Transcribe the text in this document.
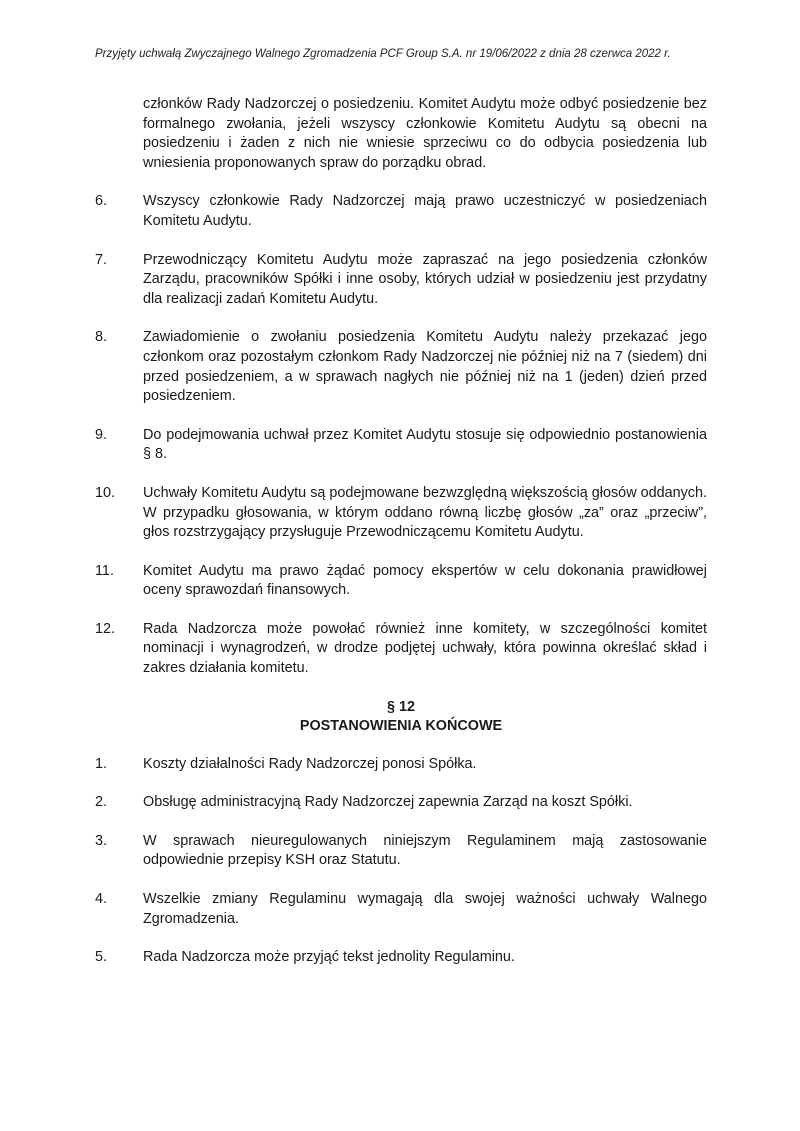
Przyjęty uchwałą Zwyczajnego Walnego Zgromadzenia PCF Group S.A. nr 19/06/2022 z dnia 28 czerwca 2022 r.
członków Rady Nadzorczej o posiedzeniu. Komitet Audytu może odbyć posiedzenie bez formalnego zwołania, jeżeli wszyscy członkowie Komitetu Audytu są obecni na posiedzeniu i żaden z nich nie wniesie sprzeciwu co do odbycia posiedzenia lub wniesienia proponowanych spraw do porządku obrad.
6.	Wszyscy członkowie Rady Nadzorczej mają prawo uczestniczyć w posiedzeniach Komitetu Audytu.
7.	Przewodniczący Komitetu Audytu może zapraszać na jego posiedzenia członków Zarządu, pracowników Spółki i inne osoby, których udział w posiedzeniu jest przydatny dla realizacji zadań Komitetu Audytu.
8.	Zawiadomienie o zwołaniu posiedzenia Komitetu Audytu należy przekazać jego członkom oraz pozostałym członkom Rady Nadzorczej nie później niż na 7 (siedem) dni przed posiedzeniem, a w sprawach nagłych nie później niż na 1 (jeden) dzień przed posiedzeniem.
9.	Do podejmowania uchwał przez Komitet Audytu stosuje się odpowiednio postanowienia § 8.
10.	Uchwały Komitetu Audytu są podejmowane bezwzględną większością głosów oddanych. W przypadku głosowania, w którym oddano równą liczbę głosów „za” oraz „przeciw”, głos rozstrzygający przysługuje Przewodniczącemu Komitetu Audytu.
11.	Komitet Audytu ma prawo żądać pomocy ekspertów w celu dokonania prawidłowej oceny sprawozdań finansowych.
12.	Rada Nadzorcza może powołać również inne komitety, w szczególności komitet nominacji i wynagrodzeń, w drodze podjętej uchwały, która powinna określać skład i zakres działania komitetu.
§ 12
POSTANOWIENIA KOŃCOWE
1.	Koszty działalności Rady Nadzorczej ponosi Spółka.
2.	Obsługę administracyjną Rady Nadzorczej zapewnia Zarząd na koszt Spółki.
3.	W sprawach nieuregulowanych niniejszym Regulaminem mają zastosowanie odpowiednie przepisy KSH oraz Statutu.
4.	Wszelkie zmiany Regulaminu wymagają dla swojej ważności uchwały Walnego Zgromadzenia.
5.	Rada Nadzorcza może przyjąć tekst jednolity Regulaminu.
